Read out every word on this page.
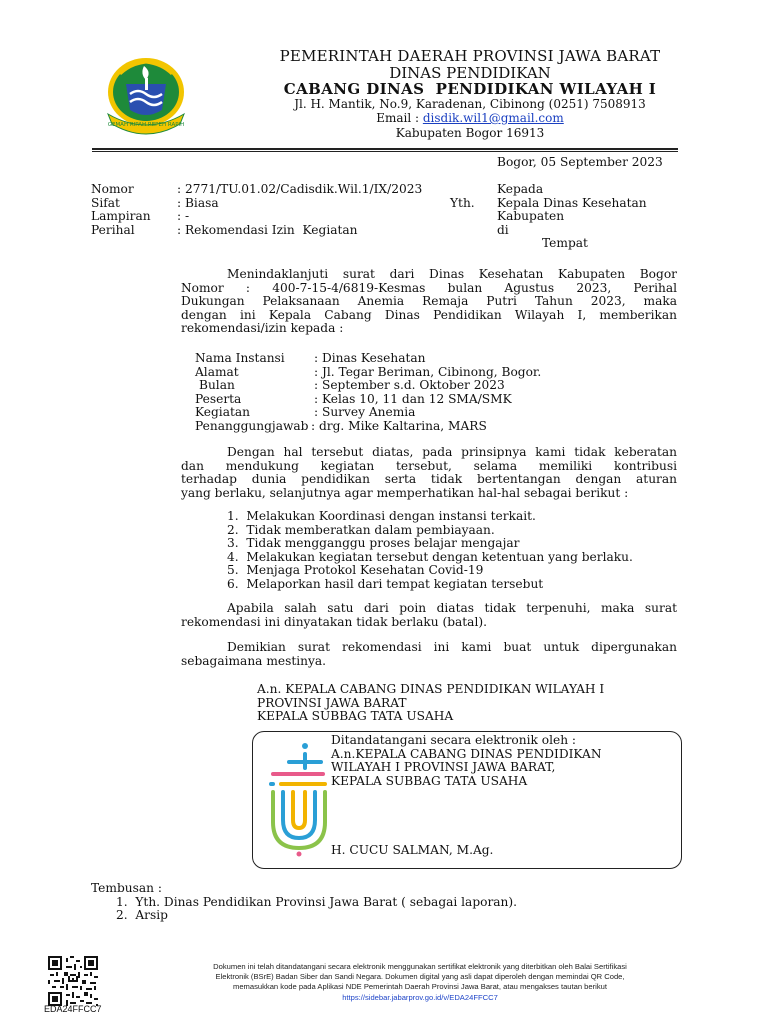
GEMAH RIPAH REPEH RAPIH
PEMERINTAH DAERAH PROVINSI JAWA BARAT
DINAS PENDIDIKAN
CABANG DINAS  PENDIDIKAN WILAYAH I
Jl. H. Mantik, No.9, Karadenan, Cibinong (0251) 7508913
Email : disdik.wil1@gmail.com
Kabupaten Bogor 16913
Bogor, 05 September 2023
Nomor	: 2771/TU.01.02/Cadisdik.Wil.1/IX/2023
Sifat	: Biasa
Lampiran : -
Perihal	: Rekomendasi Izin  Kegiatan
Kepada
Yth. Kepala Dinas Kesehatan
Kabupaten
di
Tempat
Menindaklanjuti surat dari Dinas Kesehatan Kabupaten Bogor
Nomor : 400-7-15-4/6819-Kesmas bulan Agustus 2023, Perihal
Dukungan Pelaksanaan Anemia Remaja Putri Tahun 2023, maka
dengan ini Kepala Cabang Dinas Pendidikan Wilayah I, memberikan
rekomendasi/izin kepada :
Nama Instansi : Dinas Kesehatan
Alamat	: Jl. Tegar Beriman, Cibinong, Bogor.
Bulan	: September s.d. Oktober 2023
Peserta	: Kelas 10, 11 dan 12 SMA/SMK
Kegiatan	: Survey Anemia
Penanggungjawab : drg. Mike Kaltarina, MARS
Dengan hal tersebut diatas, pada prinsipnya kami tidak keberatan
dan mendukung kegiatan tersebut, selama memiliki kontribusi
terhadap dunia pendidikan serta tidak bertentangan dengan aturan
yang berlaku, selanjutnya agar memperhatikan hal-hal sebagai berikut :
1.  Melakukan Koordinasi dengan instansi terkait.
2.  Tidak memberatkan dalam pembiayaan.
3.  Tidak mengganggu proses belajar mengajar
4.  Melakukan kegiatan tersebut dengan ketentuan yang berlaku.
5.  Menjaga Protokol Kesehatan Covid-19
6.  Melaporkan hasil dari tempat kegiatan tersebut
Apabila salah satu dari poin diatas tidak terpenuhi, maka surat
rekomendasi ini dinyatakan tidak berlaku (batal).
Demikian surat rekomendasi ini kami buat untuk dipergunakan
sebagaimana mestinya.
A.n. KEPALA CABANG DINAS PENDIDIKAN WILAYAH I
PROVINSI JAWA BARAT
KEPALA SUBBAG TATA USAHA
Ditandatangani secara elektronik oleh :
A.n.KEPALA CABANG DINAS PENDIDIKAN
WILAYAH I PROVINSI JAWA BARAT,
KEPALA SUBBAG TATA USAHA
H. CUCU SALMAN, M.Ag.
Tembusan :
1.  Yth. Dinas Pendidikan Provinsi Jawa Barat ( sebagai laporan).
2.  Arsip
EDA24FFCC7
Dokumen ini telah ditandatangani secara elektronik menggunakan sertifikat elektronik yang diterbitkan oleh Balai Sertifikasi
Elektronik (BSrE) Badan Siber dan Sandi Negara. Dokumen digital yang asli dapat diperoleh dengan memindai QR Code,
memasukkan kode pada Aplikasi NDE Pemerintah Daerah Provinsi Jawa Barat, atau mengakses tautan berikut
https://sidebar.jabarprov.go.id/v/EDA24FFCC7
